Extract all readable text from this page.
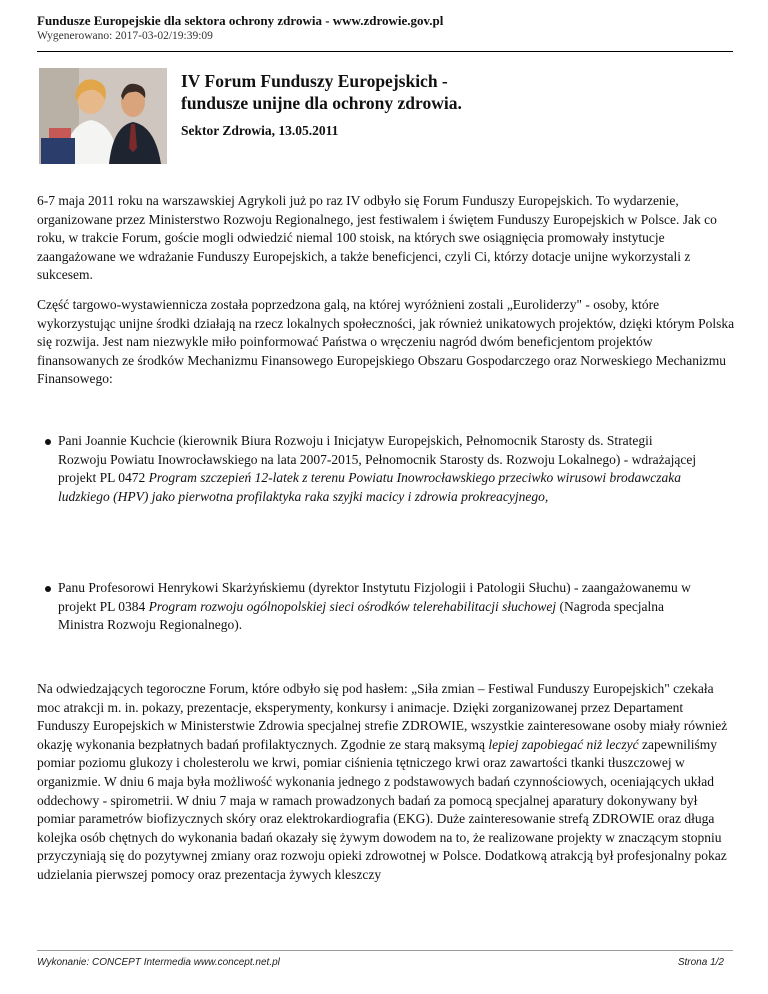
Fundusze Europejskie dla sektora ochrony zdrowia - www.zdrowie.gov.pl
Wygenerowano: 2017-03-02/19:39:09
IV Forum Funduszy Europejskich -
fundusze unijne dla ochrony zdrowia.
Sektor Zdrowia, 13.05.2011

6-7 maja 2011 roku na warszawskiej Agrykoli już po raz IV odbyło się Forum Funduszy Europejskich. To wydarzenie, organizowane przez Ministerstwo Rozwoju Regionalnego, jest festiwalem i świętem Funduszy Europejskich w Polsce. Jak co roku, w trakcie Forum, goście mogli odwiedzić niemal 100 stoisk, na których swe osiągnięcia promowały instytucje zaangażowane we wdrażanie Funduszy Europejskich, a także beneficjenci, czyli Ci, którzy dotacje unijne wykorzystali z sukcesem.

Część targowo-wystawiennicza została poprzedzona galą, na której wyróżnieni zostali „Euroliderzy" - osoby, które wykorzystując unijne środki działają na rzecz lokalnych społeczności, jak również unikatowych projektów, dzięki którym Polska się rozwija. Jest nam niezwykle miło poinformować Państwa o wręczeniu nagród dwóm beneficjentom projektów finansowanych ze środków Mechanizmu Finansowego Europejskiego Obszaru Gospodarczego oraz Norweskiego Mechanizmu Finansowego:

Pani Joannie Kuchcie (kierownik Biura Rozwoju i Inicjatyw Europejskich, Pełnomocnik Starosty ds. Strategii Rozwoju Powiatu Inowrocławskiego na lata 2007-2015, Pełnomocnik Starosty ds. Rozwoju Lokalnego) - wdrażającej projekt PL 0472 Program szczepień 12-latek z terenu Powiatu Inowrocławskiego przeciwko wirusowi brodawczaka ludzkiego (HPV) jako pierwotna profilaktyka raka szyjki macicy i zdrowia prokreacyjnego,
Panu Profesorowi Henrykowi Skarżyńskiemu (dyrektor Instytutu Fizjologii i Patologii Słuchu) - zaangażowanemu w projekt PL 0384 Program rozwoju ogólnopolskiej sieci ośrodków telerehabilitacji słuchowej (Nagroda specjalna Ministra Rozwoju Regionalnego).

Na odwiedzających tegoroczne Forum, które odbyło się pod hasłem: „Siła zmian – Festiwal Funduszy Europejskich" czekała moc atrakcji m. in. pokazy, prezentacje, eksperymenty, konkursy i animacje. Dzięki zorganizowanej przez Departament Funduszy Europejskich w Ministerstwie Zdrowia specjalnej strefie ZDROWIE, wszystkie zainteresowane osoby miały również okazję wykonania bezpłatnych badań profilaktycznych. Zgodnie ze starą maksymą lepiej zapobiegać niż leczyć zapewniliśmy pomiar poziomu glukozy i cholesterolu we krwi, pomiar ciśnienia tętniczego krwi oraz zawartości tkanki tłuszczowej w organizmie. W dniu 6 maja była możliwość wykonania jednego z podstawowych badań czynnościowych, oceniających układ oddechowy - spirometrii. W dniu 7 maja w ramach prowadzonych badań za pomocą specjalnej aparatury dokonywany był pomiar parametrów biofizycznych skóry oraz elektrokardiografia (EKG). Duże zainteresowanie strefą ZDROWIE oraz długa kolejka osób chętnych do wykonania badań okazały się żywym dowodem na to, że realizowane projekty w znaczącym stopniu przyczyniają się do pozytywnej zmiany oraz rozwoju opieki zdrowotnej w Polsce. Dodatkową atrakcją był profesjonalny pokaz udzielania pierwszej pomocy oraz prezentacja żywych kleszczy

Wykonanie: CONCEPT Intermedia www.concept.net.pl	Strona 1/2
